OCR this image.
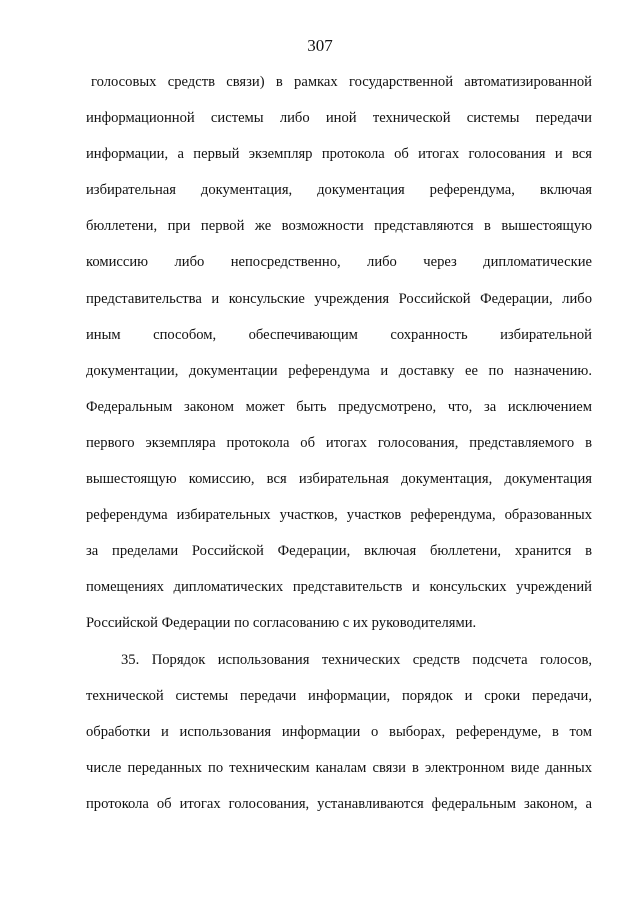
307
голосовых средств связи) в рамках государственной автоматизированной
информационной системы либо иной технической системы передачи
информации, а первый экземпляр протокола об итогах голосования и вся
избирательная документация, документация референдума, включая
бюллетени, при первой же возможности представляются в вышестоящую
комиссию либо непосредственно, либо через дипломатические
представительства и консульские учреждения Российской Федерации, либо
иным способом, обеспечивающим сохранность избирательной
документации, документации референдума и доставку ее по назначению.
Федеральным законом может быть предусмотрено, что, за исключением
первого экземпляра протокола об итогах голосования, представляемого в
вышестоящую комиссию, вся избирательная документация, документация
референдума избирательных участков, участков референдума, образованных
за пределами Российской Федерации, включая бюллетени, хранится в
помещениях дипломатических представительств и консульских учреждений
Российской Федерации по согласованию с их руководителями.
35. Порядок использования технических средств подсчета голосов,
технической системы передачи информации, порядок и сроки передачи,
обработки и использования информации о выборах, референдуме, в том
числе переданных по техническим каналам связи в электронном виде данных
протокола об итогах голосования, устанавливаются федеральным законом, а
